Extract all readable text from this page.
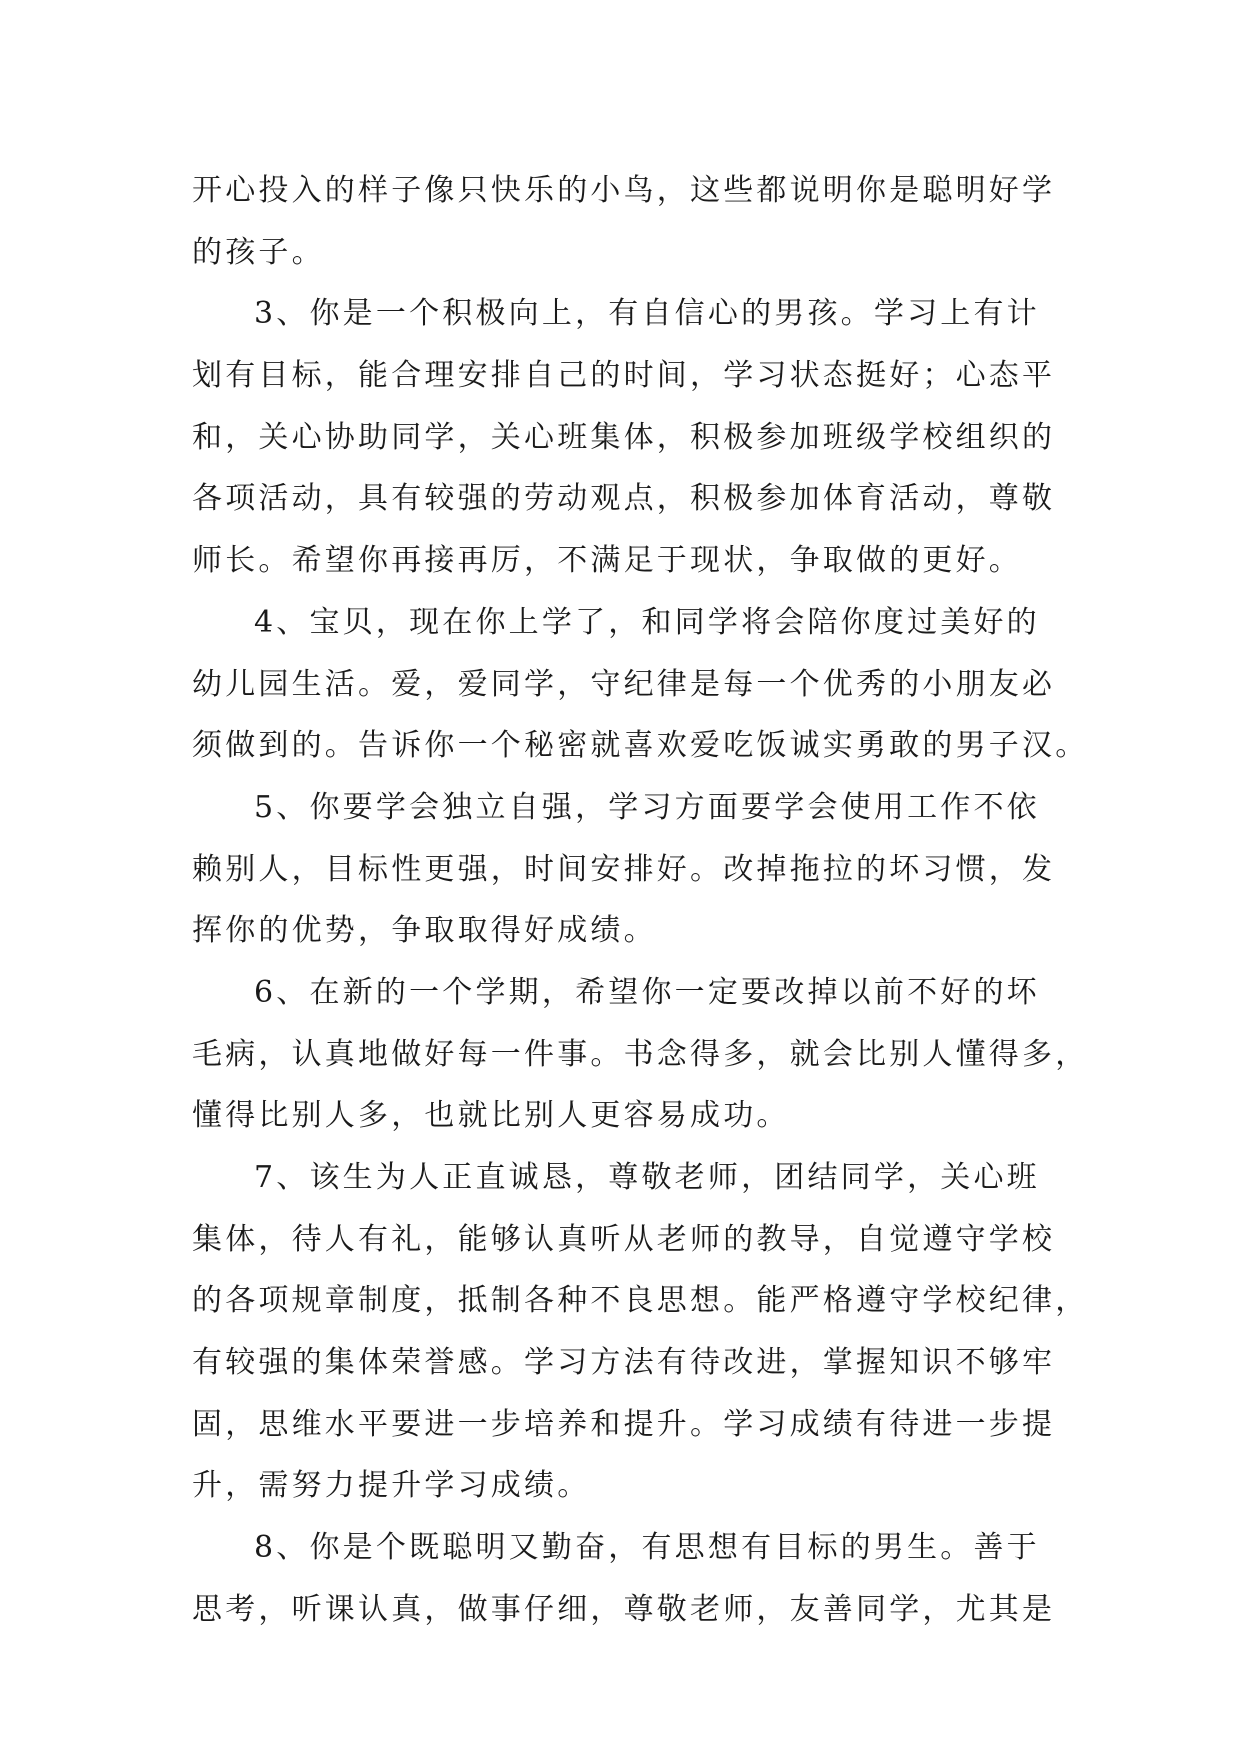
开心投入的样子像只快乐的小鸟，这些都说明你是聪明好学
的孩子。
3、你是一个积极向上，有自信心的男孩。学习上有计
划有目标，能合理安排自己的时间，学习状态挺好；心态平
和，关心协助同学，关心班集体，积极参加班级学校组织的
各项活动，具有较强的劳动观点，积极参加体育活动，尊敬
师长。希望你再接再厉，不满足于现状，争取做的更好。
4、宝贝，现在你上学了，和同学将会陪你度过美好的
幼儿园生活。爱，爱同学，守纪律是每一个优秀的小朋友必
须做到的。告诉你一个秘密就喜欢爱吃饭诚实勇敢的男子汉。
5、你要学会独立自强，学习方面要学会使用工作不依
赖别人，目标性更强，时间安排好。改掉拖拉的坏习惯，发
挥你的优势，争取取得好成绩。
6、在新的一个学期，希望你一定要改掉以前不好的坏
毛病，认真地做好每一件事。书念得多，就会比别人懂得多，
懂得比别人多，也就比别人更容易成功。
7、该生为人正直诚恳，尊敬老师，团结同学，关心班
集体，待人有礼，能够认真听从老师的教导，自觉遵守学校
的各项规章制度，抵制各种不良思想。能严格遵守学校纪律，
有较强的集体荣誉感。学习方法有待改进，掌握知识不够牢
固，思维水平要进一步培养和提升。学习成绩有待进一步提
升，需努力提升学习成绩。
8、你是个既聪明又勤奋，有思想有目标的男生。善于
思考，听课认真，做事仔细，尊敬老师，友善同学，尤其是
